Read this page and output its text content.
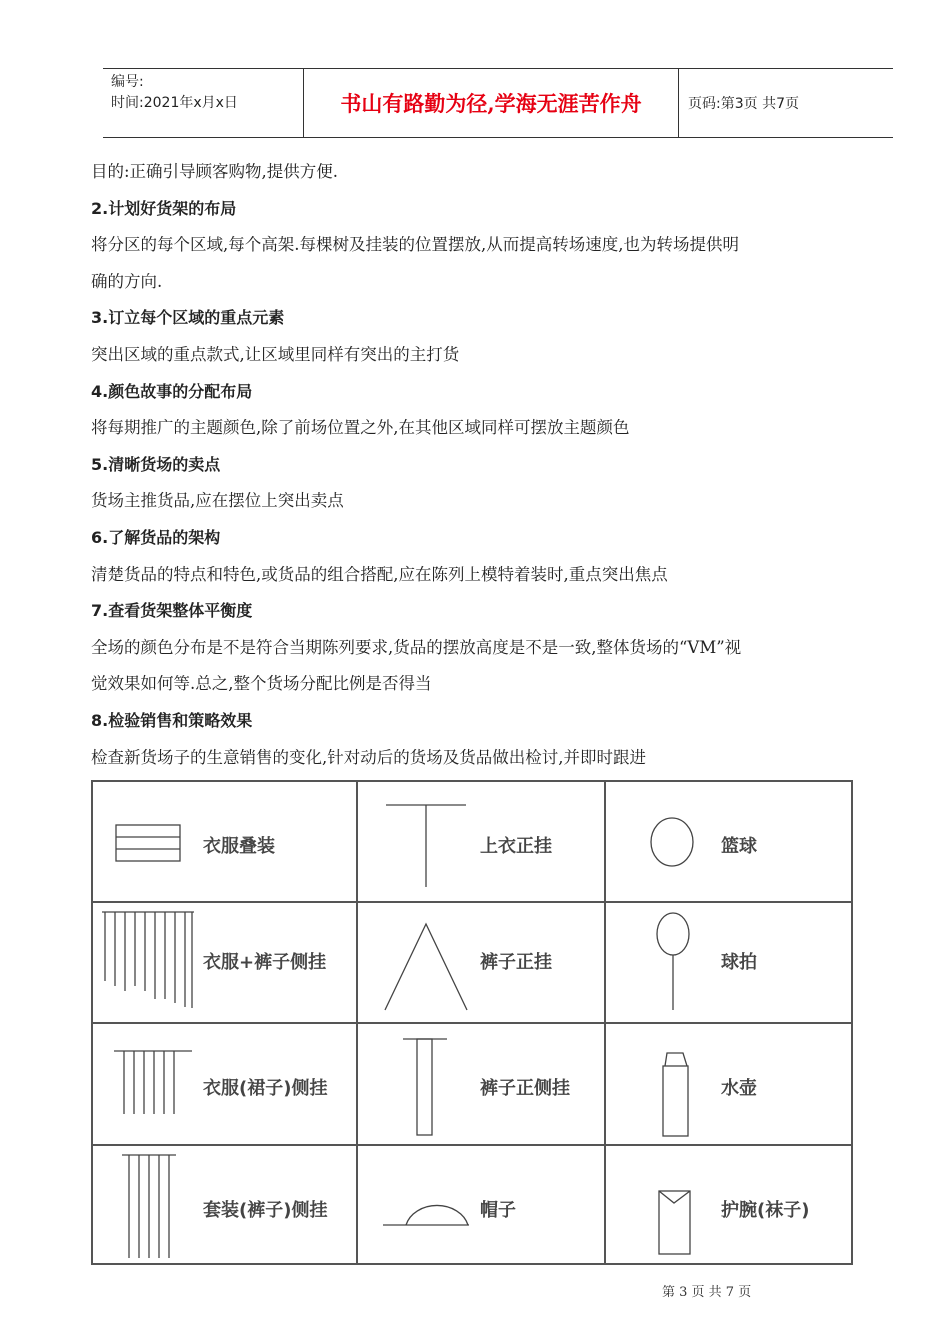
编号:
时间:2021年x月x日	书山有路勤为径,学海无涯苦作舟	页码:第3页 共7页

目的:正确引导顾客购物,提供方便.

2.计划好货架的布局

将分区的每个区域,每个高架.每棵树及挂装的位置摆放,从而提高转场速度,也为转场提供明

确的方向.

3.订立每个区域的重点元素

突出区域的重点款式,让区域里同样有突出的主打货

4.颜色故事的分配布局

将每期推广的主题颜色,除了前场位置之外,在其他区域同样可摆放主题颜色

5.清晰货场的卖点

货场主推货品,应在摆位上突出卖点

6.了解货品的架构

清楚货品的特点和特色,或货品的组合搭配,应在陈列上模特着装时,重点突出焦点

7.查看货架整体平衡度

全场的颜色分布是不是符合当期陈列要求,货品的摆放高度是不是一致,整体货场的“VM”视

觉效果如何等.总之,整个货场分配比例是否得当

8.检验销售和策略效果

检查新货场子的生意销售的变化,针对动后的货场及货品做出检讨,并即时跟进

衣服叠装	上衣正挂	篮球
衣服+裤子侧挂	裤子正挂	球拍
衣服(裙子)侧挂	裤子正侧挂	水壶
套装(裤子)侧挂	帽子	护腕(袜子)
第 3 页 共 7 页
